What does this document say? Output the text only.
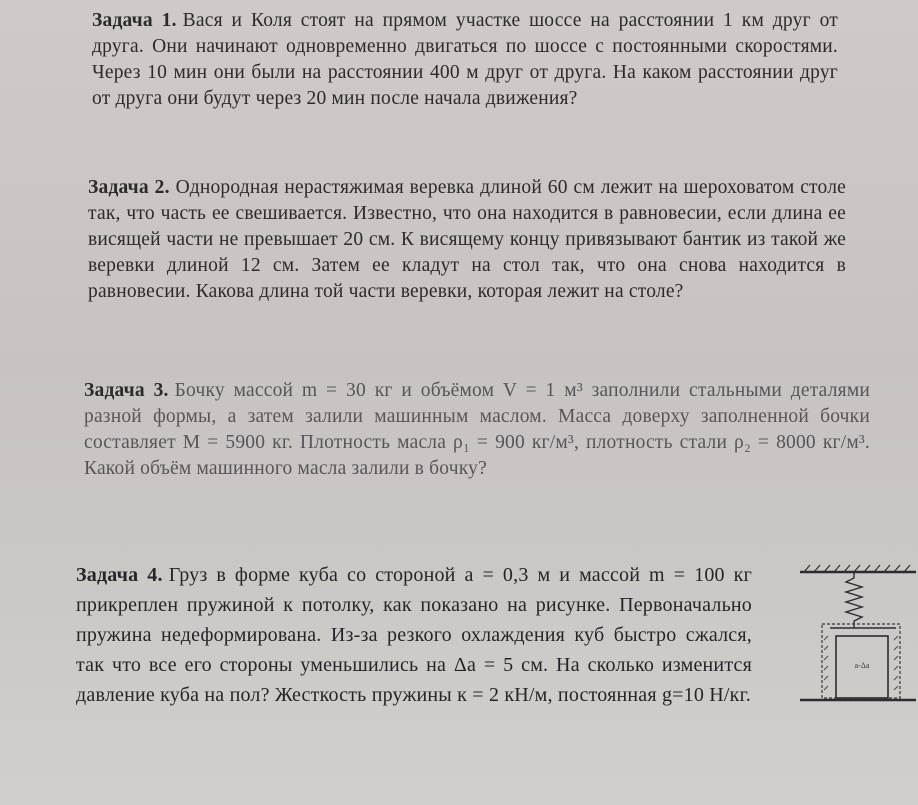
Задача 1. Вася и Коля стоят на прямом участке шоссе на расстоянии 1 км друг от друга. Они начинают одновременно двигаться по шоссе с постоянными скоростями. Через 10 мин они были на расстоянии 400 м друг от друга. На каком расстоянии друг от друга они будут через 20 мин после начала движения?
Задача 2. Однородная нерастяжимая веревка длиной 60 см лежит на шероховатом столе так, что часть ее свешивается. Известно, что она находится в равновесии, если длина ее висящей части не превышает 20 см. К висящему концу привязывают бантик из такой же веревки длиной 12 см. Затем ее кладут на стол так, что она снова находится в равновесии. Какова длина той части веревки, которая лежит на столе?
Задача 3. Бочку массой m = 30 кг и объёмом V = 1 м³ заполнили стальными деталями разной формы, а затем залили машинным маслом. Масса доверху заполненной бочки составляет M = 5900 кг. Плотность масла ρ₁ = 900 кг/м³, плотность стали ρ₂ = 8000 кг/м³. Какой объём машинного масла залили в бочку?
Задача 4. Груз в форме куба со стороной a = 0,3 м и массой m = 100 кг прикреплен пружиной к потолку, как показано на рисунке. Первоначально пружина недеформирована. Из-за резкого охлаждения куб быстро сжался, так что все его стороны уменьшились на Δa = 5 см. На сколько изменится давление куба на пол? Жесткость пружины к = 2 кН/м, постоянная g=10 Н/кг.
a-Δa
